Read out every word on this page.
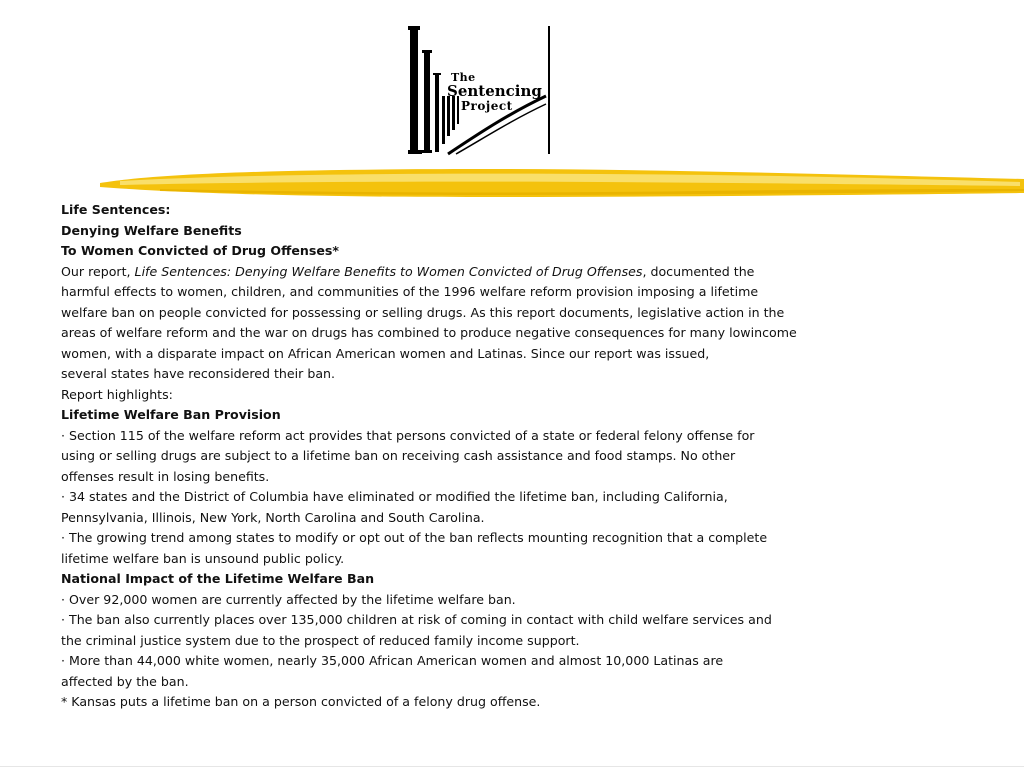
The
Sentencing
Project

Life Sentences:

Denying Welfare Benefits

To Women Convicted of Drug Offenses*

Our report, Life Sentences: Denying Welfare Benefits to Women Convicted of Drug Offenses, documented the

harmful effects to women, children, and communities of the 1996 welfare reform provision imposing a lifetime

welfare ban on people convicted for possessing or selling drugs. As this report documents, legislative action in the

areas of welfare reform and the war on drugs has combined to produce negative consequences for many lowincome

women, with a disparate impact on African American women and Latinas. Since our report was issued,

several states have reconsidered their ban.

Report highlights:

Lifetime Welfare Ban Provision

· Section 115 of the welfare reform act provides that persons convicted of a state or federal felony offense for

using or selling drugs are subject to a lifetime ban on receiving cash assistance and food stamps. No other

offenses result in losing benefits.

· 34 states and the District of Columbia have eliminated or modified the lifetime ban, including California,

Pennsylvania, Illinois, New York, North Carolina and South Carolina.

· The growing trend among states to modify or opt out of the ban reflects mounting recognition that a complete

lifetime welfare ban is unsound public policy.

National Impact of the Lifetime Welfare Ban

· Over 92,000 women are currently affected by the lifetime welfare ban.

· The ban also currently places over 135,000 children at risk of coming in contact with child welfare services and

the criminal justice system due to the prospect of reduced family income support.

· More than 44,000 white women, nearly 35,000 African American women and almost 10,000 Latinas are

affected by the ban.

* Kansas puts a lifetime ban on a person convicted of a felony drug offense.
